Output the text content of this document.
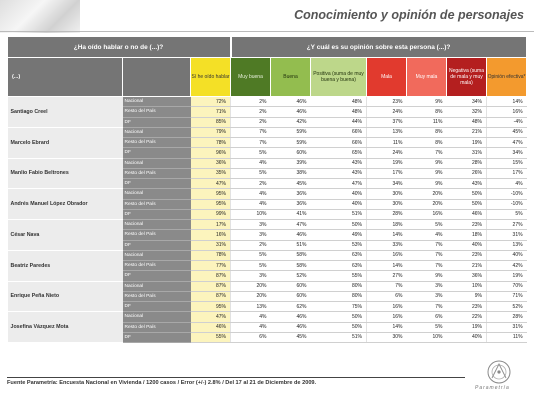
Conocimiento y opinión de personajes
¿Ha oído hablar o no de (...)?			¿Y cuál es su opinión sobre esta persona (...)?						
(...)		Sí he oído hablar	Muy buena	Buena	Positiva (suma de muy buena y buena)	Mala	Muy mala	Negativa (suma de mala y muy mala)	Opinión efectiva*
Santiago Creel	Nacional	72%	2%	46%	48%	23%	9%	34%	14%
	Resto del País	71%	2%	46%	48%	24%	8%	32%	16%
	DF	85%	2%	42%	44%	37%	11%	48%	-4%
Marcelo Ebrard	Nacional	79%	7%	59%	66%	13%	8%	21%	45%
	Resto del País	78%	7%	59%	66%	11%	8%	19%	47%
	DF	96%	5%	60%	65%	24%	7%	31%	34%
Manlio Fabio Beltrones	Nacional	36%	4%	39%	43%	19%	9%	28%	15%
	Resto del País	35%	5%	38%	43%	17%	9%	26%	17%
	DF	47%	2%	45%	47%	34%	9%	43%	4%
Andrés Manuel López Obrador	Nacional	95%	4%	36%	40%	30%	20%	50%	-10%
	Resto del País	95%	4%	36%	40%	30%	20%	50%	-10%
	DF	99%	10%	41%	51%	28%	16%	46%	5%
César Nava	Nacional	17%	3%	47%	50%	18%	5%	23%	27%
	Resto del País	16%	3%	46%	49%	14%	4%	18%	31%
	DF	31%	2%	51%	53%	33%	7%	40%	13%
Beatriz Paredes	Nacional	78%	5%	58%	63%	16%	7%	23%	40%
	Resto del País	77%	5%	58%	63%	14%	7%	21%	42%
	DF	87%	3%	52%	55%	27%	9%	36%	19%
Enrique Peña Nieto	Nacional	87%	20%	60%	80%	7%	3%	10%	70%
	Resto del País	87%	20%	60%	80%	6%	3%	9%	71%
	DF	95%	13%	62%	75%	16%	7%	23%	52%
Josefina Vázquez Mota	Nacional	47%	4%	46%	50%	16%	6%	22%	28%
	Resto del País	46%	4%	46%	50%	14%	5%	19%	31%
	DF	55%	6%	45%	51%	30%	10%	40%	11%
Fuente Parametría: Encuesta Nacional en Vivienda / 1200 casos / Error (+/-) 2.8% / Del 17 al 21 de Diciembre de 2009.
Parametría
